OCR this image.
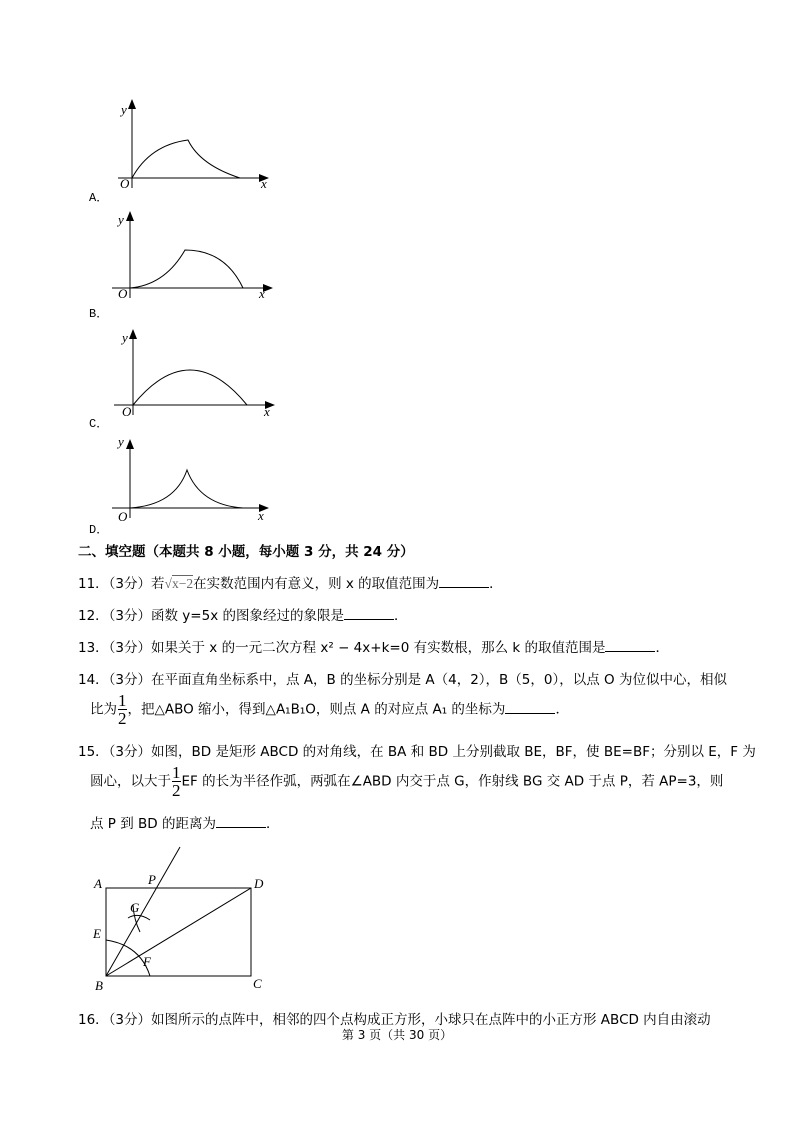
y
O	x
y
O	x
y
O	x
y
O	x
A	P	D
G
E
F
B	C
A．
B．
C．
D．
二、填空题（本题共 8 小题，每小题 3 分，共 24 分）
11．（3分）若√x−2在实数范围内有意义，则 x 的取值范围为	．
12．（3分）函数 y=5x 的图象经过的象限是	．
13．（3分）如果关于 x 的一元二次方程 x² − 4x+k=0 有实数根，那么 k 的取值范围是	．
14．（3分）在平面直角坐标系中，点 A，B 的坐标分别是 A（4，2），B（5，0），以点 O 为位似中心，相似
比为 $\frac{1}{2}$ ，把△ABO 缩小，得到△A₁B₁O，则点 A 的对应点 A₁ 的坐标为	．
15．（3分）如图，BD 是矩形 ABCD 的对角线，在 BA 和 BD 上分别截取 BE，BF，使 BE=BF；分别以 E，F 为
圆心，以大于 $\frac{1}{2}$ EF 的长为半径作弧，两弧在∠ABD 内交于点 G，作射线 BG 交 AD 于点 P，若 AP=3，则
点 P 到 BD 的距离为	．
16．（3分）如图所示的点阵中，相邻的四个点构成正方形，小球只在点阵中的小正方形 ABCD 内自由滚动
第 3 页（共 30 页）
